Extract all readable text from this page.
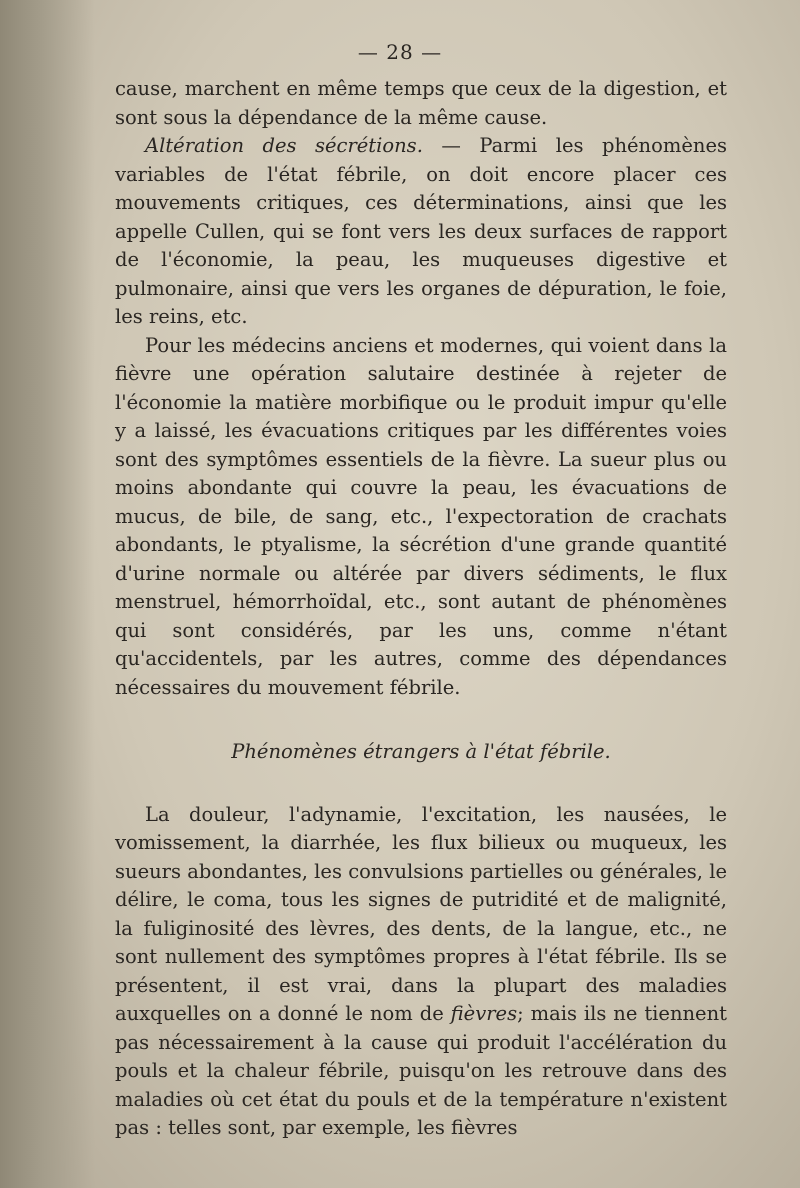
— 28 —

cause, marchent en même temps que ceux de la digestion, et sont sous la dépendance de la même cause.

Altération des sécrétions. — Parmi les phénomènes variables de l'état fébrile, on doit encore placer ces mouvements critiques, ces déterminations, ainsi que les appelle Cullen, qui se font vers les deux surfaces de rapport de l'économie, la peau, les muqueuses digestive et pulmonaire, ainsi que vers les organes de dépuration, le foie, les reins, etc.

Pour les médecins anciens et modernes, qui voient dans la fièvre une opération salutaire destinée à rejeter de l'économie la matière morbifique ou le produit impur qu'elle y a laissé, les évacuations critiques par les différentes voies sont des symptômes essentiels de la fièvre. La sueur plus ou moins abondante qui couvre la peau, les évacuations de mucus, de bile, de sang, etc., l'expectoration de crachats abondants, le ptyalisme, la sécrétion d'une grande quantité d'urine normale ou altérée par divers sédiments, le flux menstruel, hémorrhoïdal, etc., sont autant de phénomènes qui sont considérés, par les uns, comme n'étant qu'accidentels, par les autres, comme des dépendances nécessaires du mouvement fébrile.

Phénomènes étrangers à l'état fébrile.

La douleur, l'adynamie, l'excitation, les nausées, le vomissement, la diarrhée, les flux bilieux ou muqueux, les sueurs abondantes, les convulsions partielles ou générales, le délire, le coma, tous les signes de putridité et de malignité, la fuliginosité des lèvres, des dents, de la langue, etc., ne sont nullement des symptômes propres à l'état fébrile. Ils se présentent, il est vrai, dans la plupart des maladies auxquelles on a donné le nom de fièvres; mais ils ne tiennent pas nécessairement à la cause qui produit l'accélération du pouls et la chaleur fébrile, puisqu'on les retrouve dans des maladies où cet état du pouls et de la température n'existent pas : telles sont, par exemple, les fièvres
